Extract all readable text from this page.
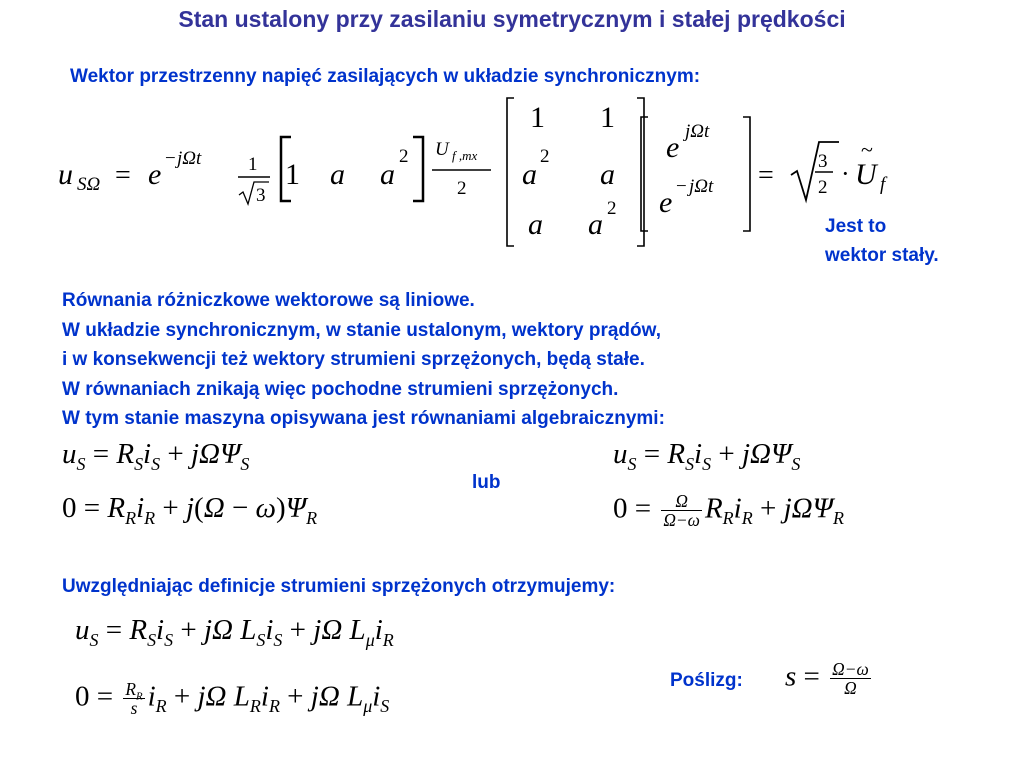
Stan ustalony przy zasilaniu symetrycznym i stałej prędkości
Wektor przestrzenny napięć zasilających w układzie synchronicznym:
u SΩ = e − jΩt 1
3
1 a a
2 U f ,mx
2
1 1
a
2
a
a a 2
e jΩt
e − jΩt = 3
2 · U
~
f
Jest to
wektor stały.
Równania różniczkowe wektorowe są liniowe.
W układzie synchronicznym, w stanie ustalonym, wektory prądów,
i w konsekwencji też wektory strumieni sprzężonych, będą stałe.
W równaniach znikają więc pochodne strumieni sprzężonych.
W tym stanie maszyna opisywana jest równaniami algebraicznymi:
$u_S = R_Si_S + j\Omega\Psi_S$
$0 = R_Ri_R + j(\Omega - \omega)\Psi_R$
lub
$u_S = R_Si_S + j\Omega\Psi_S$
$0 = \frac{\Omega}{\Omega-\omega} R_Ri_R + j\Omega\Psi_R$
Uwzględniając definicje strumieni sprzężonych otrzymujemy:
$u_S = R_Si_S + j\Omega$ $L_Si_S + j\Omega$ $L_\mu i_R$
$0 = \frac{R_R}{s} i_R + j\Omega$ $L_Ri_R + j\Omega$ $L_\mu i_S$
Poślizg: $s = \frac{\Omega-\omega}{\Omega}$
